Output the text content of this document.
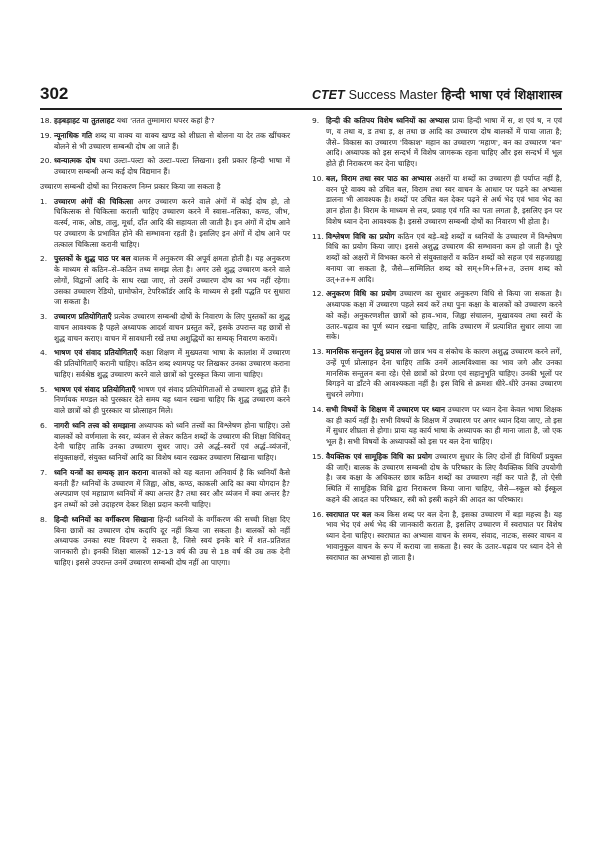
302	CTET Success Master हिन्दी भाषा एवं शिक्षाशास्त्र
18. हड़बड़ाहट या तुतलाहट यथा 'ततत तुम्मामारा घपरर कहां है'?
19. न्यूनाधिक गति शब्द या वाक्य या वाक्य खण्ड को शीघ्रता से बोलना या देर तक खींचकर बोलने से भी उच्चारण सम्बन्धी दोष आ जाते हैं।
20. ध्वन्यात्मक दोष यथा उल्टा–पल्टा को उल्टा–पल्टा लिखना। इसी प्रकार हिन्दी भाषा में उच्चारण सम्बन्धी अन्य कई दोष विद्यमान हैं।
उच्चारण सम्बन्धी दोषों का निराकरण निम्न प्रकार किया जा सकता है
1. उच्चारण अंगों की चिकित्सा अगर उच्चारण करने वाले अंगों में कोई दोष हो, तो चिकित्सक से चिकित्सा कराली चाहिए उच्चारण करने में स्वास–नलिका, कण्ठ, जीभ, वर्त्स्य, नाक, ओष्ठ, तालु, मूर्धा, दाँत आदि की सहायता ली जाती है। इन अंगों में दोष आने पर उच्चारण के प्रभावित होने की सम्भावना रहती है। इसलिए इन अंगों में दोष आने पर तत्काल चिकित्सा करानी चाहिए।
2. पुस्तकों के शुद्ध पाठ पर बल बालक में अनुकरण की अपूर्व क्षमता होती है। यह अनुकरण के माध्यम से कठिन–से–कठिन तथ्य समझ लेता है। अगर उसे शुद्ध उच्चारण करने वाले लोगों, विद्वानों आदि के साथ रखा जाए, तो उसमें उच्चारण दोष का भय नहीं रहेगा। उसका उच्चारण रेडियो, ग्रामोफोन, टेपरिकॉर्डर आदि के माध्यम से इसी पद्धति पर सुधारा जा सकता है।
3. उच्चारण प्रतियोगिताएँ प्रत्येक उच्चारण सम्बन्धी दोषों के निवारण के लिए पुस्तकों का शुद्ध वाचन आवश्यक है पहले अध्यापक आदर्श वाचन प्रस्तुत करें, इसके उपरान्त वह छात्रों से शुद्ध वाचन कराए। वाचन में सावधानी रखें तथा अशुद्धियों का सम्यक् निवारण करायें।
4. भाषण एवं संवाद प्रतियोगिताएँ कक्षा शिक्षण में मुख्यतया भाषा के कालांश में उच्चारण की प्रतियोगिताएँ करानी चाहिए। कठिन शब्द श्यामपट्ट पर लिखकर उनका उच्चारण कराना चाहिए। सर्वश्रेष्ठ शुद्ध उच्चारण करने वाले छात्रों को पुरस्कृत किया जाना चाहिए।
5. भाषण एवं संवाद प्रतियोगिताएँ भाषण एवं संवाद प्रतियोगिताओं से उच्चारण शुद्ध होते हैं। निर्णायक मण्डल को पुरस्कार देते समय यह ध्यान रखना चाहिए कि शुद्ध उच्चारण करने वाले छात्रों को ही पुरस्कार या प्रोत्साहन मिले।
6. नागरी ध्वनि तत्त्व को समझाना अध्यापक को ध्वनि तत्त्वों का विश्लेषण होना चाहिए। उसे बालकों को वर्णमाला के स्वर, व्यंजन से लेकर कठिन शब्दों के उच्चारण की शिक्षा विधिवत् देनी चाहिए ताकि उनका उच्चारण सुधर जाए। उसे अर्द्ध–स्वरों एवं अर्द्ध–व्यंजनों, संयुक्ताक्षरों, संयुक्त ध्वनियों आदि का विशेष ध्यान रखकर उच्चारण सिखाना चाहिए।
7. ध्वनि यन्त्रों का सम्यक् ज्ञान कराना बालकों को यह बताना अनिवार्य है कि ध्वनियाँ कैसे बनती हैं? ध्वनियों के उच्चारण में जिह्वा, ओष्ठ, कण्ठ, काकली आदि का क्या योगदान है? अल्पप्राण एवं महाप्राण ध्वनियों में क्या अन्तर है? तथा स्वर और व्यंजन में क्या अन्तर है? इन तथ्यों को उसे उदाहरण देकर शिक्षा प्रदान करनी चाहिए।
8. हिन्दी ध्वनियों का वर्गीकरण सिखाना हिन्दी ध्वनियों के वर्गीकरण की सच्ची शिक्षा दिए बिना छात्रों का उच्चारण दोष कदापि दूर नहीं किया जा सकता है। बालकों को नहीं अध्यापक उनका स्पष्ट विवरण दे सकता है, जिसे स्वयं इनके बारे में शत–प्रतिशत जानकारी हो। इनकी शिक्षा बालकों 12-13 वर्ष की उम्र से 18 वर्ष की उम्र तक देनी चाहिए। इससे उपरान्त उनमें उच्चारण सम्बन्धी दोष नहीं आ पाएगा।
9. हिन्दी की कतिपय विशेष ध्वनियों का अभ्यास प्रायः हिन्दी भाषा में स, श एवं ष, न एवं ण, व तथा ब, ड तथा ड़, क्ष तथा छ आदि का उच्चारण दोष बालकों में पाया जाता है; जैसे– विकास का उच्चारण 'विकाश' महान का उच्चारण 'महाण', बन का उच्चारण 'बन' आदि। अध्यापक को इस सन्दर्भ में विशेष जागरूक रहना चाहिए और इस सन्दर्भ में भूल होते ही निराकरण कर देना चाहिए।
10. बल, विराम तथा स्वर पाठ का अभ्यास अक्षरों या शब्दों का उच्चारण ही पर्याप्त नहीं है, वरन पूरे वाक्य को उचित बल, विराम तथा स्वर वाचन के आधार पर पढ़ने का अभ्यास डालना भी आवश्यक है। शब्दों पर उचित बल देकर पढ़ने से अर्थ भेद एवं भाव भेद का ज्ञान होता है। विराम के माध्यम से लय, प्रवाह एवं गति का पता लगता है, इसलिए इन पर विशेष ध्यान देना आवश्यक है। इससे उच्चारण सम्बन्धी दोषों का निवारण भी होता है।
11. विश्लेषण विधि का प्रयोग कठिन एवं बड़े–बड़े शब्दों व ध्वनियों के उच्चारण में विश्लेषण विधि का प्रयोग किया जाए। इससे अशुद्ध उच्चारण की सम्भावना कम हो जाती है। पूरे शब्दों को अक्षरों में विभक्त करने से संयुक्ताक्षरों व कठिन शब्दों को सहज एवं सहजग्राह्य बनाया जा सकता है, जैसे—सम्मिलित शब्द को सम्+मि+लि+त, उत्तम शब्द को उत्+त+म आदि।
12. अनुकरण विधि का प्रयोग उच्चारण का सुधार अनुकरण विधि से किया जा सकता है। अध्यापक कक्षा में उच्चारण पहले स्वयं करें तथा पुनः कक्षा के बालकों को उच्चारण करने को कहें। अनुकरणशील छात्रों को हाव–भाव, जिह्वा संचालन, मुखावयव तथा स्वरों के उतार–चढ़ाव का पूर्ण ध्यान रखना चाहिए, ताकि उच्चारण में प्रत्याशित सुधार लाया जा सके।
13. मानसिक सन्तुलन हेतु प्रयास जो छात्र भय व संकोच के कारण अशुद्ध उच्चारण करने लगें, उन्हें पूर्ण प्रोत्साहन देना चाहिए ताकि उनमें आत्मविश्वास का भाव जगे और उनका मानसिक सन्तुलन बना रहे। ऐसे छात्रों को प्रेरणा एवं सहानुभूति चाहिए। उनकी भूलों पर बिगड़ने या डाँटने की आवश्यकता नहीं है। इस विधि से क्रमशः धीरे–धीरे उनका उच्चारण सुधरने लगेगा।
14. सभी विषयों के शिक्षण में उच्चारण पर ध्यान उच्चारण पर ध्यान देना केवल भाषा शिक्षक का ही कार्य नहीं है। सभी विषयों के शिक्षण में उच्चारण पर अगर ध्यान दिया जाए, तो इस में सुधार शीघ्रता से होगा। प्रायः यह कार्य भाषा के अध्यापक का ही माना जाता है, जो एक भूल है। सभी विषयों के अध्यापकों को इस पर बल देना चाहिए।
15. वैयक्तिक एवं सामूहिक विधि का प्रयोग उच्चारण सुधार के लिए दोनों ही विधियाँ प्रयुक्त की जाएँ। बालक के उच्चारण सम्बन्धी दोष के परिष्कार के लिए वैयक्तिक विधि उपयोगी है। जब कक्षा के अधिकतर छात्र कठिन शब्दों का उच्चारण नहीं कर पाते हैं, तो ऐसी स्थिति में सामूहिक विधि द्वारा निराकरण किया जाना चाहिए, जैसे—स्कूल को ईस्कूल कहने की आदत का परिष्कार, स्त्री को इस्त्री कहने की आदत का परिष्कार।
16. स्वराघात पर बल कब किस शब्द पर बल देना है, इसका उच्चारण में बड़ा महत्त्व है। यह भाव भेद एवं अर्थ भेद की जानकारी कराता है, इसलिए उच्चारण में स्वराघात पर विशेष ध्यान देना चाहिए। स्वराघात का अभ्यास वाचन के समय, संवाद, नाटक, सस्वर वाचन व भावानुकूल वाचन के रूप में कराया जा सकता है। स्वर के उतार–चढ़ाव पर ध्यान देने से स्वराघात का अभ्यास हो जाता है।
